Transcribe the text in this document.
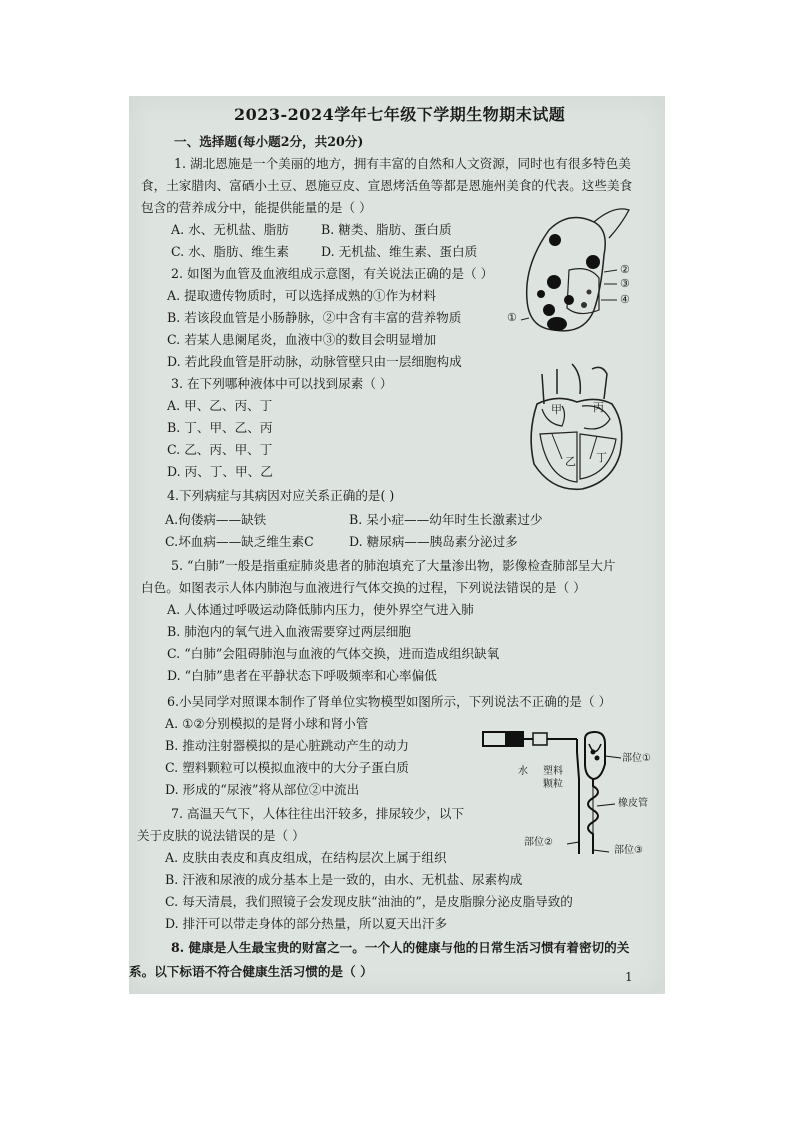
2023-2024学年七年级下学期生物期末试题
一、选择题(每小题2分，共20分)
1. 湖北恩施是一个美丽的地方，拥有丰富的自然和人文资源，同时也有很多特色美
食，土家腊肉、富硒小土豆、恩施豆皮、宣恩烤活鱼等都是恩施州美食的代表。这些美食
包含的营养成分中，能提供能量的是（ ）
A. 水、无机盐、脂肪	B. 糖类、脂肪、蛋白质
C. 水、脂肪、维生素	D. 无机盐、维生素、蛋白质
2. 如图为血管及血液组成示意图，有关说法正确的是（ ）
A. 提取遗传物质时，可以选择成熟的①作为材料
B. 若该段血管是小肠静脉，②中含有丰富的营养物质
C. 若某人患阑尾炎，血液中③的数目会明显增加
D. 若此段血管是肝动脉，动脉管壁只由一层细胞构成
②
③
④
①
3. 在下列哪种液体中可以找到尿素（ ）
A. 甲、乙、丙、丁
B. 丁、甲、乙、丙
C. 乙、丙、甲、丁
D. 丙、丁、甲、乙
甲	丙
乙 丁
4.下列病症与其病因对应关系正确的是( )
A.佝偻病——缺铁	B. 呆小症——幼年时生长激素过少
C.坏血病——缺乏维生素C	D. 糖尿病——胰岛素分泌过多
5. “白肺”一般是指重症肺炎患者的肺泡填充了大量渗出物，影像检查肺部呈大片
白色。如图表示人体内肺泡与血液进行气体交换的过程，下列说法错误的是（ ）
A. 人体通过呼吸运动降低肺内压力，使外界空气进入肺
B. 肺泡内的氧气进入血液需要穿过两层细胞
C. “白肺”会阻碍肺泡与血液的气体交换，进而造成组织缺氧
D. “白肺”患者在平静状态下呼吸频率和心率偏低
6.小吴同学对照课本制作了肾单位实物模型如图所示，下列说法不正确的是（ ）
A. ①②分别模拟的是肾小球和肾小管
B. 推动注射器模拟的是心脏跳动产生的动力
C. 塑料颗粒可以模拟血液中的大分子蛋白质
D. 形成的“尿液”将从部位②中流出
水 塑料
颗粒
部位①
橡皮管
部位②
部位③
7. 高温天气下，人体往往出汗较多，排尿较少，以下
关于皮肤的说法错误的是（ ）
A. 皮肤由表皮和真皮组成，在结构层次上属于组织
B. 汗液和尿液的成分基本上是一致的，由水、无机盐、尿素构成
C. 每天清晨，我们照镜子会发现皮肤“油油的”，是皮脂腺分泌皮脂导致的
D. 排汗可以带走身体的部分热量，所以夏天出汗多
8. 健康是人生最宝贵的财富之一。一个人的健康与他的日常生活习惯有着密切的关
系。以下标语不符合健康生活习惯的是（ ）	1
